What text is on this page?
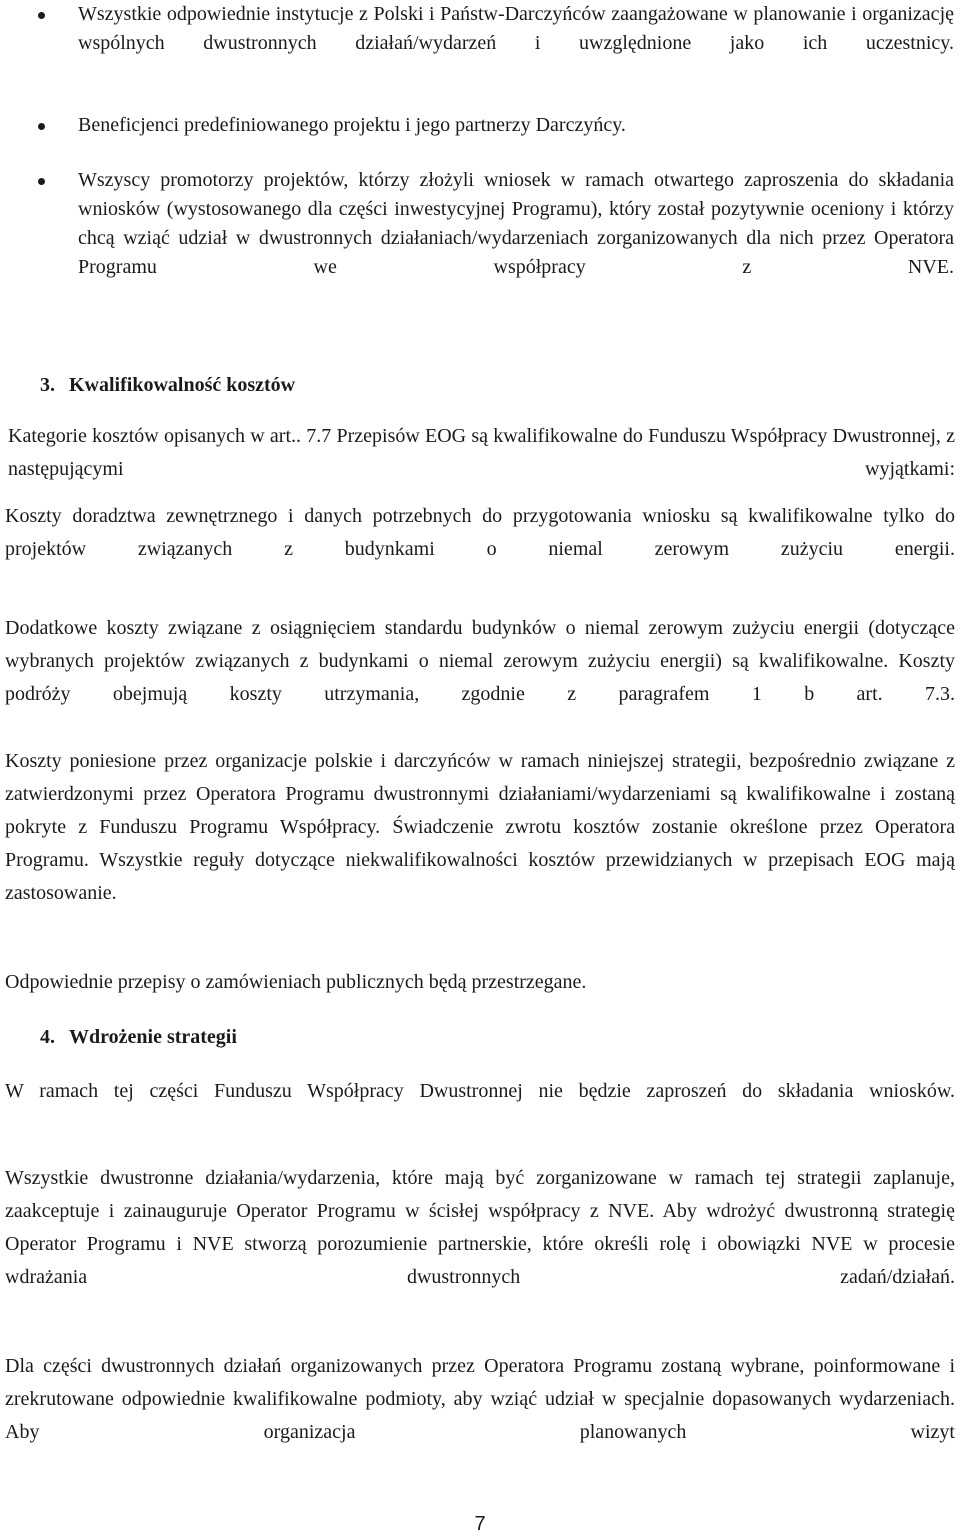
Wszystkie odpowiednie instytucje z Polski i Państw-Darczyńców zaangażowane w planowanie i organizację wspólnych dwustronnych działań/wydarzeń i uwzględnione jako ich uczestnicy.

Beneficjenci predefiniowanego projektu i jego partnerzy Darczyńcy.

Wszyscy promotorzy projektów, którzy złożyli wniosek w ramach otwartego zaproszenia do składania wniosków (wystosowanego dla części inwestycyjnej Programu), który został pozytywnie oceniony i którzy chcą wziąć udział w dwustronnych działaniach/wydarzeniach zorganizowanych dla nich przez Operatora Programu we współpracy z NVE.

3. Kwalifikowalność kosztów

Kategorie kosztów opisanych w art.. 7.7 Przepisów EOG są kwalifikowalne do Funduszu Współpracy Dwustronnej, z następującymi wyjątkami:

Koszty doradztwa zewnętrznego i danych potrzebnych do przygotowania wniosku są kwalifikowalne tylko do projektów związanych z budynkami o niemal zerowym zużyciu energii.

Dodatkowe koszty związane z osiągnięciem standardu budynków o niemal zerowym zużyciu energii (dotyczące wybranych projektów związanych z budynkami o niemal zerowym zużyciu energii) są kwalifikowalne. Koszty podróży obejmują koszty utrzymania, zgodnie z paragrafem 1 b art. 7.3.

Koszty poniesione przez organizacje polskie i darczyńców w ramach niniejszej strategii, bezpośrednio związane z zatwierdzonymi przez Operatora Programu dwustronnymi działaniami/wydarzeniami są kwalifikowalne i zostaną pokryte z Funduszu Programu Współpracy. Świadczenie zwrotu kosztów zostanie określone przez Operatora Programu. Wszystkie reguły dotyczące niekwalifikowalności kosztów przewidzianych w przepisach EOG mają zastosowanie.

Odpowiednie przepisy o zamówieniach publicznych będą przestrzegane.

4. Wdrożenie strategii

W ramach tej części Funduszu Współpracy Dwustronnej nie będzie zaproszeń do składania wniosków.

Wszystkie dwustronne działania/wydarzenia, które mają być zorganizowane w ramach tej strategii zaplanuje, zaakceptuje i zainauguruje Operator Programu w ścisłej współpracy z NVE. Aby wdrożyć dwustronną strategię Operator Programu i NVE stworzą porozumienie partnerskie, które określi rolę i obowiązki NVE w procesie wdrażania dwustronnych zadań/działań.

Dla części dwustronnych działań organizowanych przez Operatora Programu zostaną wybrane, poinformowane i zrekrutowane odpowiednie kwalifikowalne podmioty, aby wziąć udział w specjalnie dopasowanych wydarzeniach. Aby organizacja planowanych wizyt

7
